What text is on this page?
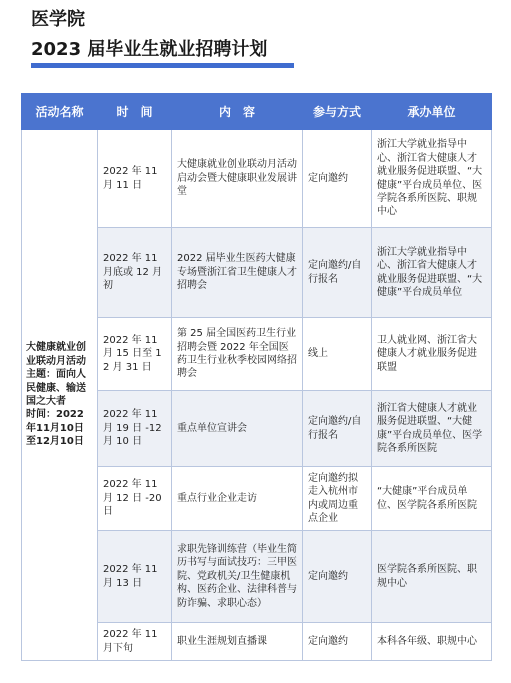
医学院
2023 届毕业生就业招聘计划
活动名称	时　间	内　容	参与方式	承办单位

大健康就业创业联动月活动
主题：面向人民健康、输送国之大者
时间：2022年11月10日至12月10日	2022 年 11 月 11 日	大健康就业创业联动月活动启动会暨大健康职业发展讲堂	定向邀约	浙江大学就业指导中心、浙江省大健康人才就业服务促进联盟、“大健康”平台成员单位、医学院各系所医院、职规中心
	2022 年 11 月底或 12 月初	2022 届毕业生医药大健康专场暨浙江省卫生健康人才招聘会	定向邀约/自行报名	浙江大学就业指导中心、浙江省大健康人才就业服务促进联盟、“大健康”平台成员单位
	2022 年 11 月 15 日至 12 月 31 日	第 25 届全国医药卫生行业招聘会暨 2022 年全国医药卫生行业秋季校园网络招聘会	线上	卫人就业网、浙江省大健康人才就业服务促进联盟
	2022 年 11 月 19 日 -12 月 10 日	重点单位宣讲会	定向邀约/自行报名	浙江省大健康人才就业服务促进联盟、“大健康”平台成员单位、医学院各系所医院
	2022 年 11 月 12 日 -20 日	重点行业企业走访	定向邀约拟走入杭州市内或周边重点企业	“大健康”平台成员单位、医学院各系所医院
	2022 年 11 月 13 日	求职先锋训练营（毕业生简历书写与面试技巧：三甲医院、党政机关/卫生健康机构、医药企业、法律科普与防诈骗、求职心态）	定向邀约	医学院各系所医院、职规中心
	2022 年 11 月下旬	职业生涯规划直播课	定向邀约	本科各年级、职规中心
